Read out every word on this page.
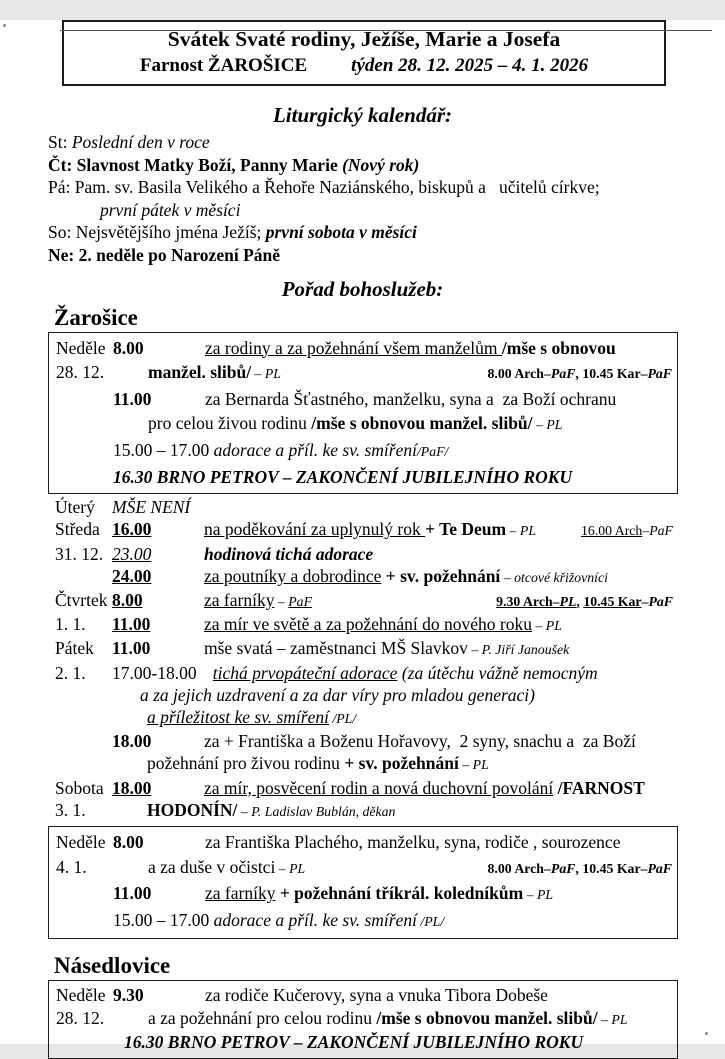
Svátek Svaté rodiny, Ježíše, Marie a Josefa
Farnost ŽAROŠICE týden 28. 12. 2025 – 4. 1. 2026
Liturgický kalendář:
St: Poslední den v roce
Čt: Slavnost Matky Boží, Panny Marie (Nový rok)
Pá: Pam. sv. Basila Velikého a Řehoře Naziánského, biskupů a   učitelů církve;
první pátek v měsíci
So: Nejsvětějšího jména Ježíš; první sobota v měsíci
Ne: 2. neděle po Narození Páně
Pořad bohoslužeb:
Žarošice
Neděle 8.00	za rodiny a za požehnání všem manželům /mše s obnovou
28. 12.	manžel. slibů/ – PL	8.00 Arch–PaF, 10.45 Kar–PaF
11.00	za Bernarda Šťastného, manželku, syna a  za Boží ochranu
pro celou živou rodinu /mše s obnovou manžel. slibů/ – PL
15.00 – 17.00 adorace a příl. ke sv. smíření/PaF/
16.30 BRNO PETROV – ZAKONČENÍ JUBILEJNÍHO ROKU
Úterý MŠE NENÍ
Středa 16.00	na poděkování za uplynulý rok + Te Deum – PL	16.00 Arch–PaF
31. 12. 23.00	hodinová tichá adorace
24.00	za poutníky a dobrodince + sv. požehnání – otcové křižovníci
Čtvrtek 8.00	za farníky – PaF	9.30 Arch–PL, 10.45 Kar–PaF
1. 1.	11.00	za mír ve světě a za požehnání do nového roku – PL
Pátek	11.00	mše svatá – zaměstnanci MŠ Slavkov – P. Jiří Janoušek
2. 1.	17.00-18.00 tichá prvopáteční adorace (za útěchu vážně nemocným
a za jejich uzdravení a za dar víry pro mladou generaci)
a příležitost ke sv. smíření /PL/
18.00	za + Františka a Boženu Hořavovy,  2 syny, snachu a  za Boží
požehnání pro živou rodinu + sv. požehnání – PL
Sobota 18.00	za mír, posvěcení rodin a nová duchovní povolání /FARNOST
3. 1.	HODONÍN/ – P. Ladislav Bublán, děkan
Neděle 8.00	za Františka Plachého, manželku, syna, rodiče , sourozence
4. 1.	a za duše v očistci – PL	8.00 Arch–PaF, 10.45 Kar–PaF
11.00	za farníky + požehnání tříkrál. koledníkům – PL
15.00 – 17.00 adorace a příl. ke sv. smíření /PL/
Násedlovice
Neděle 9.30	za rodiče Kučerovy, syna a vnuka Tibora Dobeše
28. 12.	a za požehnání pro celou rodinu /mše s obnovou manžel. slibů/ – PL
16.30 BRNO PETROV – ZAKONČENÍ JUBILEJNÍHO ROKU
